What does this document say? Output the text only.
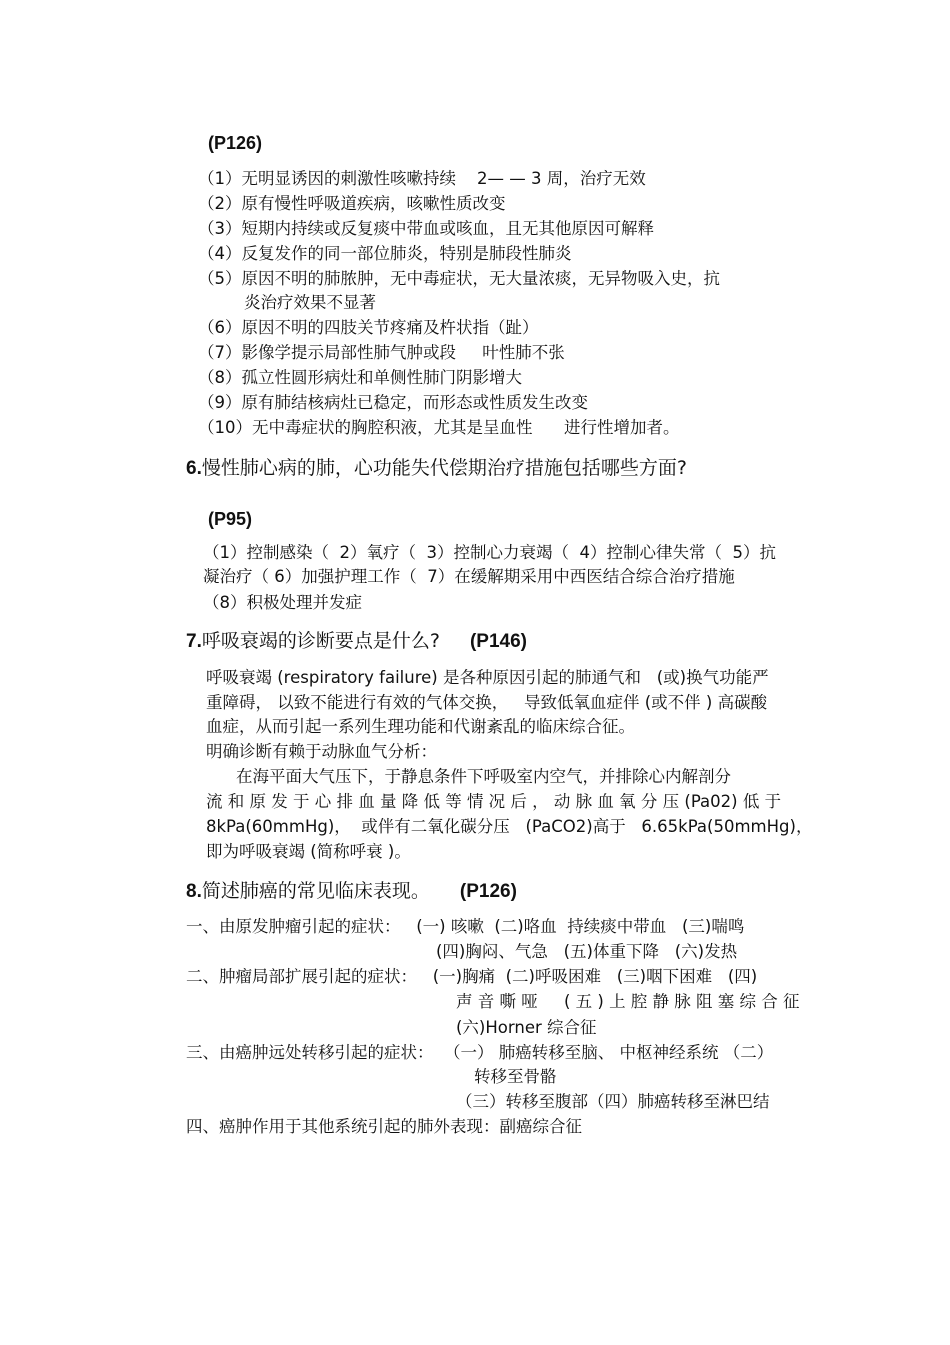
(P126)
（1）无明显诱因的刺激性咳嗽持续    2— — 3 周，治疗无效
（2）原有慢性呼吸道疾病，咳嗽性质改变
（3）短期内持续或反复痰中带血或咳血，且无其他原因可解释
（4）反复发作的同一部位肺炎，特别是肺段性肺炎
（5）原因不明的肺脓肿，无中毒症状，无大量浓痰，无异物吸入史，抗
炎治疗效果不显著
（6）原因不明的四肢关节疼痛及杵状指（趾）
（7）影像学提示局部性肺气肿或段     叶性肺不张
（8）孤立性圆形病灶和单侧性肺门阴影增大
（9）原有肺结核病灶已稳定，而形态或性质发生改变
（10）无中毒症状的胸腔积液，尤其是呈血性      进行性增加者。
6.慢性肺心病的肺，心功能失代偿期治疗措施包括哪些方面?
(P95)
（1）控制感染（  2）氧疗（  3）控制心力衰竭（  4）控制心律失常（  5）抗
凝治疗（ 6）加强护理工作（  7）在缓解期采用中西医结合综合治疗措施
（8）积极处理并发症
7.呼吸衰竭的诊断要点是什么? (P146)
呼吸衰竭 (respiratory failure) 是各种原因引起的肺通气和   (或)换气功能严
重障碍， 以致不能进行有效的气体交换，   导致低氧血症伴 (或不伴 ) 高碳酸
血症，从而引起一系列生理功能和代谢紊乱的临床综合征。
明确诊断有赖于动脉血气分析：
在海平面大气压下，于静息条件下呼吸室内空气，并排除心内解剖分
流 和 原 发 于 心 排 血 量 降 低 等 情 况 后 ， 动 脉 血 氧 分 压 (Pa02) 低 于
8kPa(60mmHg)，  或伴有二氧化碳分压   (PaCO2)高于   6.65kPa(50mmHg)，
即为呼吸衰竭 (简称呼衰 )。
8.简述肺癌的常见临床表现。 (P126)
一、由原发肿瘤引起的症状：   (一) 咳嗽  (二)咯血  持续痰中带血   (三)喘鸣
(四)胸闷、气急   (五)体重下降   (六)发热
二、肿瘤局部扩展引起的症状：   (一)胸痛  (二)呼吸困难   (三)咽下困难   (四)
声 音 嘶 哑     ( 五 ) 上 腔 静 脉 阻 塞 综 合 征
(六)Horner 综合征
三、由癌肿远处转移引起的症状：  （一） 肺癌转移至脑、 中枢神经系统 （二）
转移至骨骼
（三）转移至腹部（四）肺癌转移至淋巴结
四、癌肿作用于其他系统引起的肺外表现：副癌综合征
